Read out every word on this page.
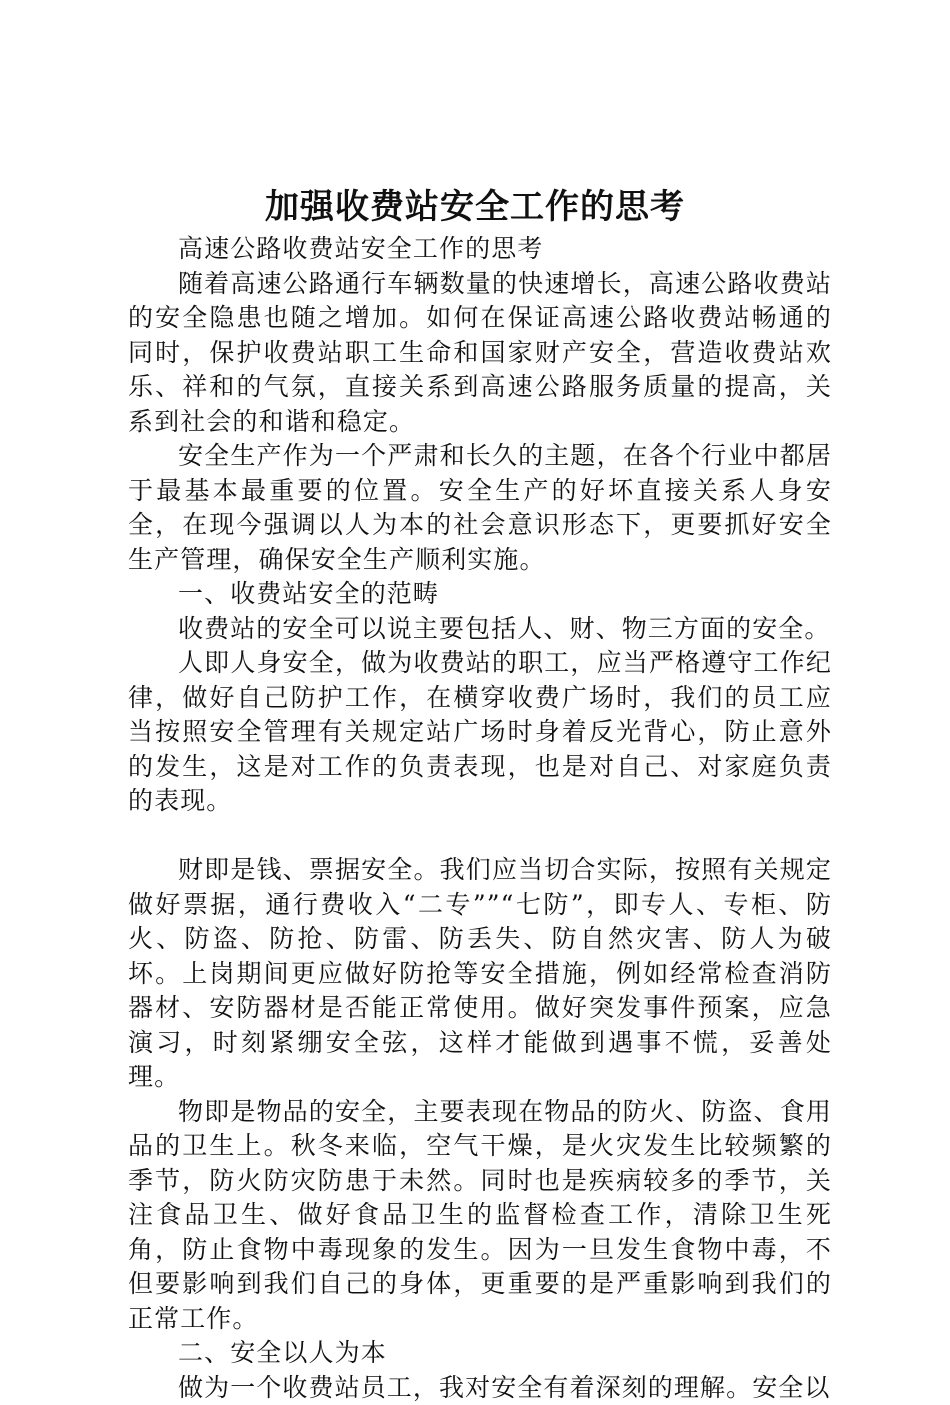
加强收费站安全工作的思考

高速公路收费站安全工作的思考

随着高速公路通行车辆数量的快速增长，高速公路收费站的安全隐患也随之增加。如何在保证高速公路收费站畅通的同时，保护收费站职工生命和国家财产安全，营造收费站欢乐、祥和的气氛，直接关系到高速公路服务质量的提高，关系到社会的和谐和稳定。

安全生产作为一个严肃和长久的主题，在各个行业中都居于最基本最重要的位置。安全生产的好坏直接关系人身安全，在现今强调以人为本的社会意识形态下，更要抓好安全生产管理，确保安全生产顺利实施。

一、收费站安全的范畴

收费站的安全可以说主要包括人、财、物三方面的安全。

人即人身安全，做为收费站的职工，应当严格遵守工作纪律，做好自己防护工作，在横穿收费广场时，我们的员工应当按照安全管理有关规定站广场时身着反光背心，防止意外的发生，这是对工作的负责表现，也是对自己、对家庭负责的表现。

财即是钱、票据安全。我们应当切合实际，按照有关规定做好票据，通行费收入“二专””“七防”，即专人、专柜、防火、防盗、防抢、防雷、防丢失、防自然灾害、防人为破坏。上岗期间更应做好防抢等安全措施，例如经常检查消防器材、安防器材是否能正常使用。做好突发事件预案，应急演习，时刻紧绷安全弦，这样才能做到遇事不慌，妥善处理。

物即是物品的安全，主要表现在物品的防火、防盗、食用品的卫生上。秋冬来临，空气干燥，是火灾发生比较频繁的季节，防火防灾防患于未然。同时也是疾病较多的季节，关注食品卫生、做好食品卫生的监督检查工作，清除卫生死角，防止食物中毒现象的发生。因为一旦发生食物中毒，不但要影响到我们自己的身体，更重要的是严重影响到我们的正常工作。

二、安全以人为本

做为一个收费站员工，我对安全有着深刻的理解。安全以
